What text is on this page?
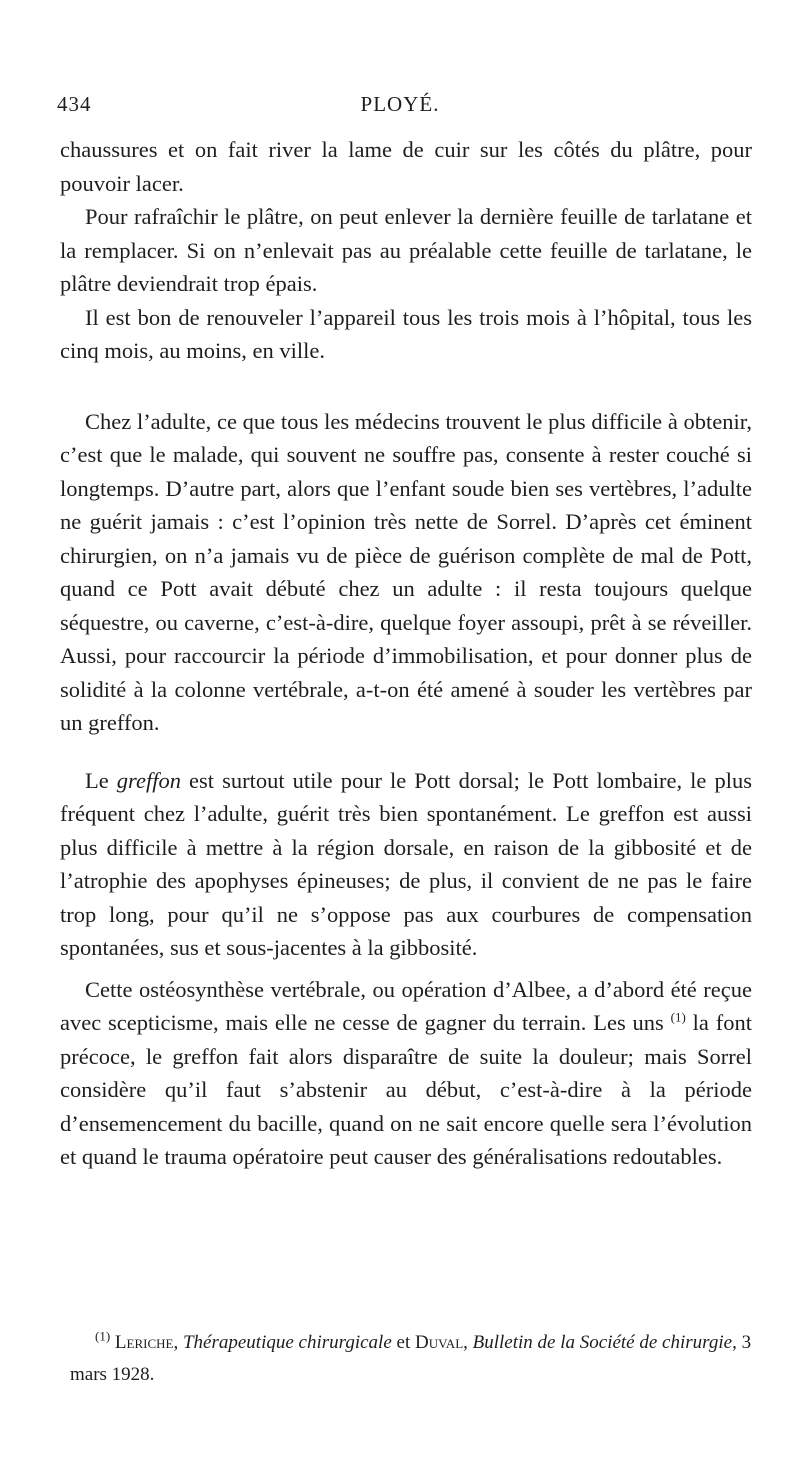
434	PLOYÉ.

chaussures et on fait river la lame de cuir sur les côtés du plâtre, pour pouvoir lacer.

Pour rafraîchir le plâtre, on peut enlever la dernière feuille de tarlatane et la remplacer. Si on n’enlevait pas au préalable cette feuille de tarlatane, le plâtre deviendrait trop épais.

Il est bon de renouveler l’appareil tous les trois mois à l’hôpital, tous les cinq mois, au moins, en ville.

Chez l’adulte, ce que tous les médecins trouvent le plus difficile à obtenir, c’est que le malade, qui souvent ne souffre pas, consente à rester couché si longtemps. D’autre part, alors que l’enfant soude bien ses vertèbres, l’adulte ne guérit jamais : c’est l’opinion très nette de Sorrel. D’après cet éminent chirurgien, on n’a jamais vu de pièce de guérison complète de mal de Pott, quand ce Pott avait débuté chez un adulte : il resta toujours quelque séquestre, ou caverne, c’est-à-dire, quelque foyer assoupi, prêt à se réveiller. Aussi, pour raccourcir la période d’immobilisation, et pour donner plus de solidité à la colonne vertébrale, a-t-on été amené à souder les vertèbres par un greffon.

Le greffon est surtout utile pour le Pott dorsal; le Pott lombaire, le plus fréquent chez l’adulte, guérit très bien spontanément. Le greffon est aussi plus difficile à mettre à la région dorsale, en raison de la gibbosité et de l’atrophie des apophyses épineuses; de plus, il convient de ne pas le faire trop long, pour qu’il ne s’oppose pas aux courbures de compensation spontanées, sus et sous-jacentes à la gibbosité.

Cette ostéosynthèse vertébrale, ou opération d’Albee, a d’abord été reçue avec scepticisme, mais elle ne cesse de gagner du terrain. Les uns $^{(1)}$ la font précoce, le greffon fait alors disparaître de suite la douleur; mais Sorrel considère qu’il faut s’abstenir au début, c’est-à-dire à la période d’ensemencement du bacille, quand on ne sait encore quelle sera l’évolution et quand le trauma opératoire peut causer des généralisations redoutables.

$^{(1)}$ Leriche, Thérapeutique chirurgicale et Duval, Bulletin de la Société de chirurgie, 3 mars 1928.
